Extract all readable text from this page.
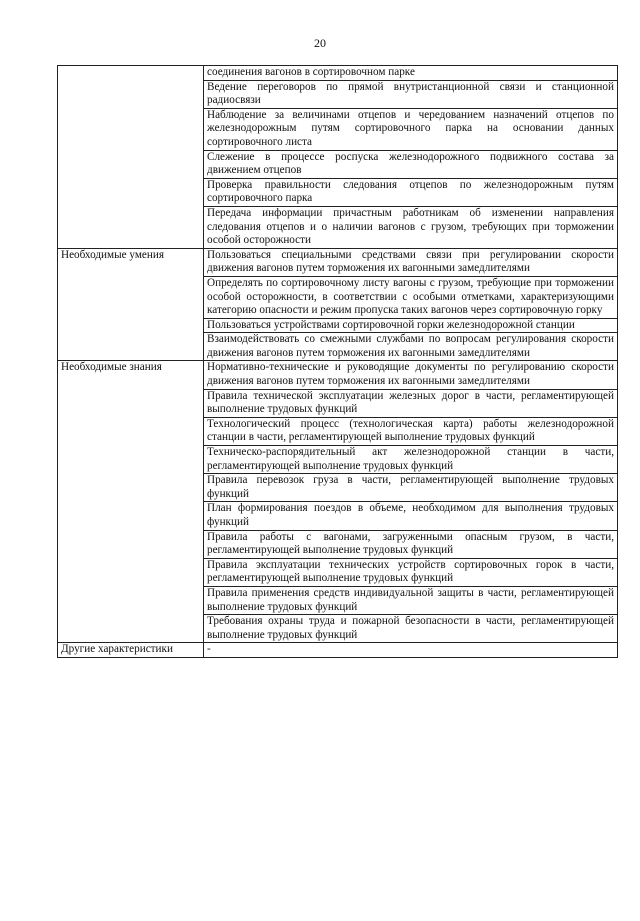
20
	соединения вагонов в сортировочном парке
	Ведение переговоров по прямой внутристанционной связи и станционной радиосвязи
	Наблюдение за величинами отцепов и чередованием назначений отцепов по железнодорожным путям сортировочного парка на основании данных сортировочного листа
	Слежение в процессе роспуска железнодорожного подвижного состава за движением отцепов
	Проверка правильности следования отцепов по железнодорожным путям сортировочного парка
	Передача информации причастным работникам об изменении направления следования отцепов и о наличии вагонов с грузом, требующих при торможении особой осторожности
Необходимые умения	Пользоваться специальными средствами связи при регулировании скорости движения вагонов путем торможения их вагонными замедлителями
	Определять по сортировочному листу вагоны с грузом, требующие при торможении особой осторожности, в соответствии с особыми отметками, характеризующими категорию опасности и режим пропуска таких вагонов через сортировочную горку
	Пользоваться устройствами сортировочной горки железнодорожной станции
	Взаимодействовать со смежными службами по вопросам регулирования скорости движения вагонов путем торможения их вагонными замедлителями
Необходимые знания	Нормативно-технические и руководящие документы по регулированию скорости движения вагонов путем торможения их вагонными замедлителями
	Правила технической эксплуатации железных дорог в части, регламентирующей выполнение трудовых функций
	Технологический процесс (технологическая карта) работы железнодорожной станции в части, регламентирующей выполнение трудовых функций
	Техническо-распорядительный акт железнодорожной станции в части, регламентирующей выполнение трудовых функций
	Правила перевозок груза в части, регламентирующей выполнение трудовых функций
	План формирования поездов в объеме, необходимом для выполнения трудовых функций
	Правила работы с вагонами, загруженными опасным грузом, в части, регламентирующей выполнение трудовых функций
	Правила эксплуатации технических устройств сортировочных горок в части, регламентирующей выполнение трудовых функций
	Правила применения средств индивидуальной защиты в части, регламентирующей выполнение трудовых функций
	Требования охраны труда и пожарной безопасности в части, регламентирующей выполнение трудовых функций
Другие характеристики	-
